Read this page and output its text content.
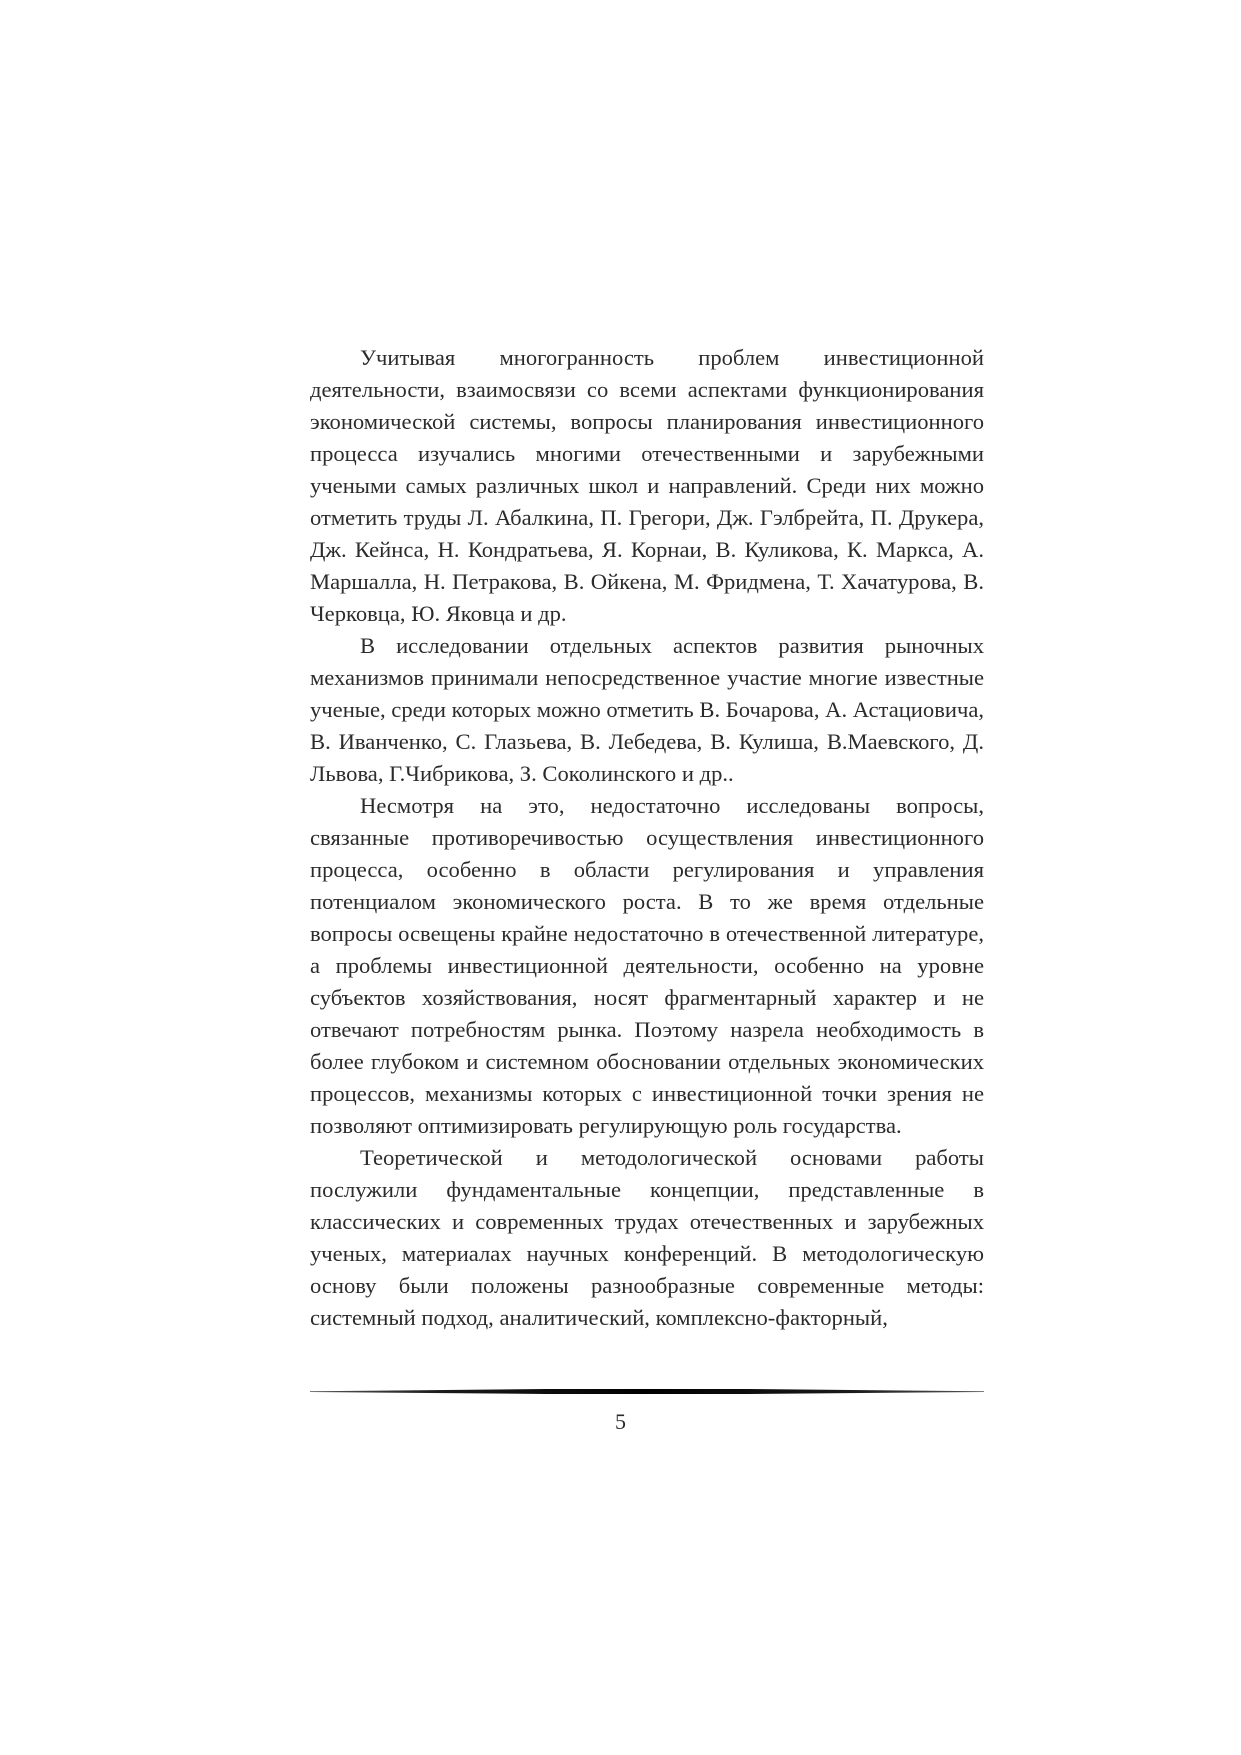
Учитывая многогранность проблем инвестиционной деятельности, взаимосвязи со всеми аспектами функционирования экономической системы, вопросы планирования инвестиционного процесса изучались многими отечественными и зарубежными учеными самых различных школ и направлений. Среди них можно отметить труды Л. Абалкина, П. Грегори, Дж. Гэлбрейта, П. Друкера, Дж. Кейнса, Н. Кондратьева, Я. Корнаи, В. Куликова, К. Маркса, А. Маршалла, Н. Петракова, В. Ойкена, М. Фридмена, Т. Хачатурова, В. Черковца, Ю. Яковца и др.

В исследовании отдельных аспектов развития рыночных механизмов принимали непосредственное участие многие известные ученые, среди которых можно отметить В. Бочарова, А. Астациовича, В. Иванченко, С. Глазьева, В. Лебедева, В. Кулиша, В.Маевского, Д. Львова, Г.Чибрикова, З. Соколинского и др..

Несмотря на это, недостаточно исследованы вопросы, связанные противоречивостью осуществления инвестиционного процесса, особенно в области регулирования и управления потенциалом экономического роста. В то же время отдельные вопросы освещены крайне недостаточно в отечественной литературе, а проблемы инвестиционной деятельности, особенно на уровне субъектов хозяйствования, носят фрагментарный характер и не отвечают потребностям рынка. Поэтому назрела необходимость в более глубоком и системном обосновании отдельных экономических процессов, механизмы которых с инвестиционной точки зрения не позволяют оптимизировать регулирующую роль государства.

Теоретической и методологической основами работы послужили фундаментальные концепции, представленные в классических и современных трудах отечественных и зарубежных ученых, материалах научных конференций. В методологическую основу были положены разнообразные современные методы: системный подход, аналитический, комплексно-факторный,

5
